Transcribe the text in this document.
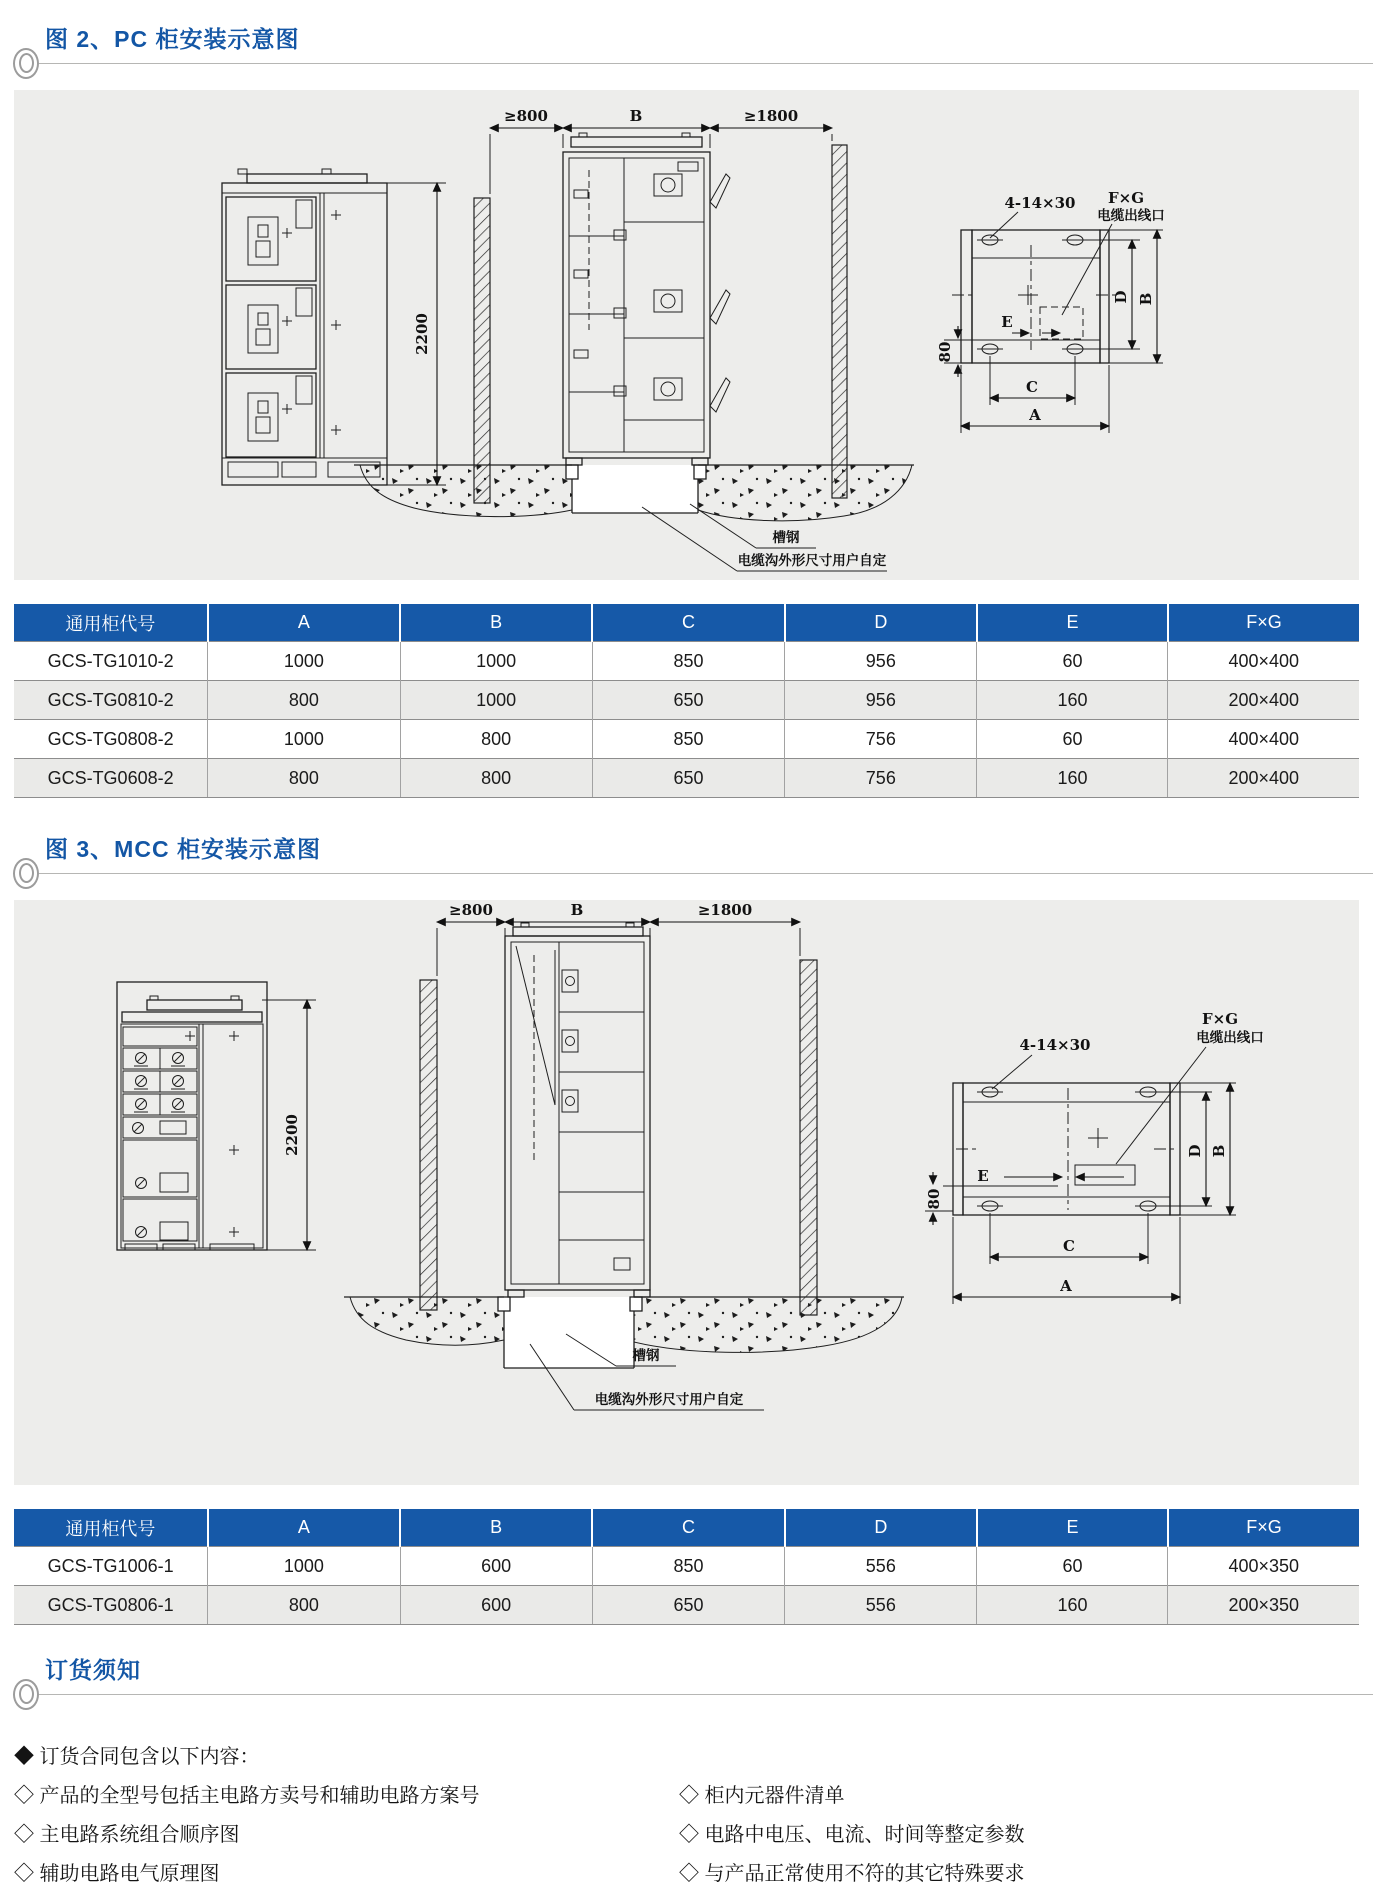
图 2、PC 柜安装示意图
2200
≥800	B	≥1800
槽钢
电缆沟外形尺寸用户自定
E
80
C
A
D B
4-14×30 F×G
电缆出线口
通用柜代号	A	B	C	D	E	F×G
GCS-TG1010-2	1000	1000	850	956	60	400×400
GCS-TG0810-2	800	1000	650	956	160	200×400
GCS-TG0808-2	1000	800	850	756	60	400×400
GCS-TG0608-2	800	800	650	756	160	200×400
图 3、MCC 柜安装示意图
2200
≥800	B	≥1800
槽钢
电缆沟外形尺寸用户自定
E
80
C
A
D B
4-14×30
F×G
电缆出线口
通用柜代号	A	B	C	D	E	F×G
GCS-TG1006-1	1000	600	850	556	60	400×350
GCS-TG0806-1	800	600	650	556	160	200×350
订货须知
◆ 订货合同包含以下内容：
◇ 产品的全型号包括主电路方卖号和辅助电路方案号
◇ 主电路系统组合顺序图
◇ 辅助电路电气原理图
◇ 柜内元器件清单
◇ 电路中电压、电流、时间等整定参数
◇ 与产品正常使用不符的其它特殊要求
